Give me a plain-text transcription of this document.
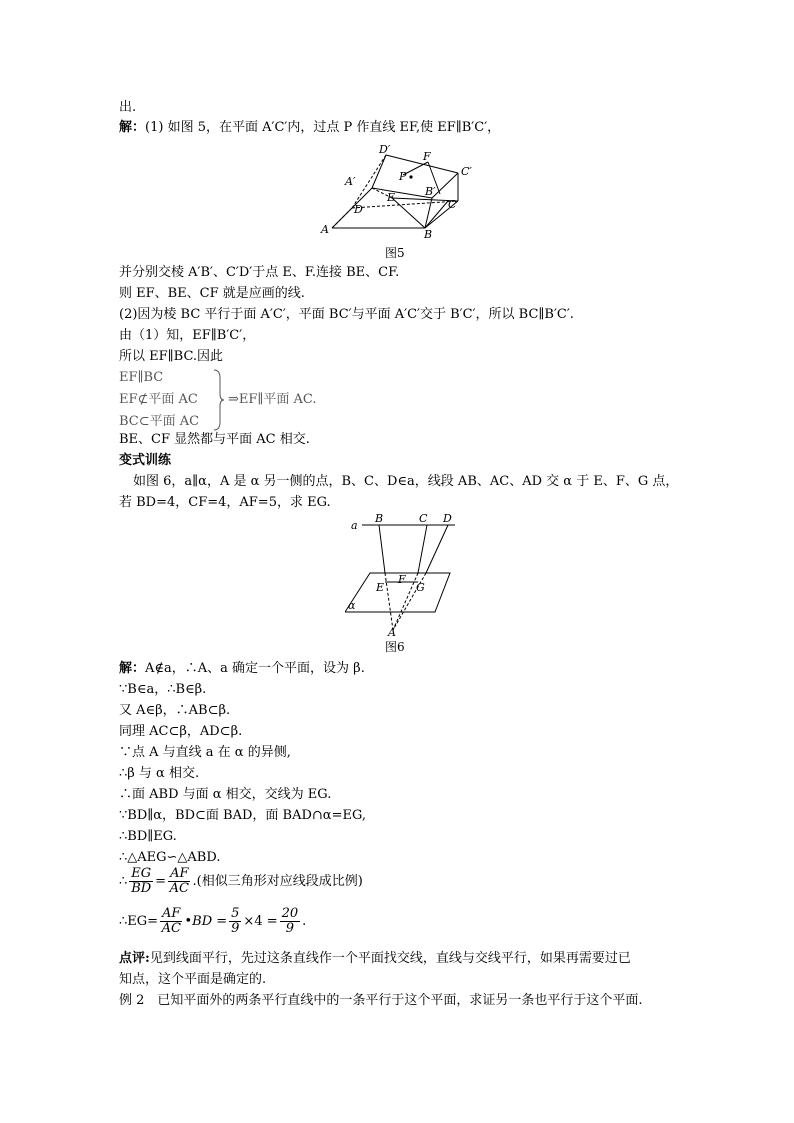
出.
解：(1) 如图 5，在平面 A′C′内，过点 P 作直线 EF,使 EF∥B′C′，
D′
F
C′
A′	P
B′
E
D	C
A	B
图5
并分别交棱 A′B′、C′D′于点 E、F.连接 BE、CF.
则 EF、BE、CF 就是应画的线.
(2)因为棱 BC 平行于面 A′C′，平面 BC′与平面 A′C′交于 B′C′，所以 BC∥B′C′.
由（1）知，EF∥B′C′，
所以 EF∥BC.因此
EF∥BC
EF⊄平面 AC
BC⊂平面 AC
⇒EF∥平面 AC.
BE、CF 显然都与平面 AC 相交.
变式训练
如图 6，a∥α，A 是 α 另一侧的点，B、C、D∈a，线段 AB、AC、AD 交 α 于 E、F、G 点，
若 BD=4，CF=4，AF=5，求 EG.
a
B	C D
E
F
G
α
A
图6
解：A∉a，∴A、a 确定一个平面，设为 β.
∵B∈a，∴B∈β.
又 A∈β，∴AB⊂β.
同理 AC⊂β，AD⊂β.
∵点 A 与直线 a 在 α 的异侧,
∴β 与 α 相交.
∴面 ABD 与面 α 相交，交线为 EG.
∵BD∥α，BD⊂面 BAD，面 BAD∩α=EG,
∴BD∥EG.
∴△AEG∽△ABD.
∴ $\frac{EG}{BD} = \frac{AF}{AC}$ .(相似三角形对应线段成比例)
∴EG= $\frac{AF}{AC}$ •BD = $\frac{5}{9} \times 4 = \frac{20}{9}$ .
点评:见到线面平行，先过这条直线作一个平面找交线，直线与交线平行，如果再需要过已
知点，这个平面是确定的.
例 2　已知平面外的两条平行直线中的一条平行于这个平面，求证另一条也平行于这个平面.
